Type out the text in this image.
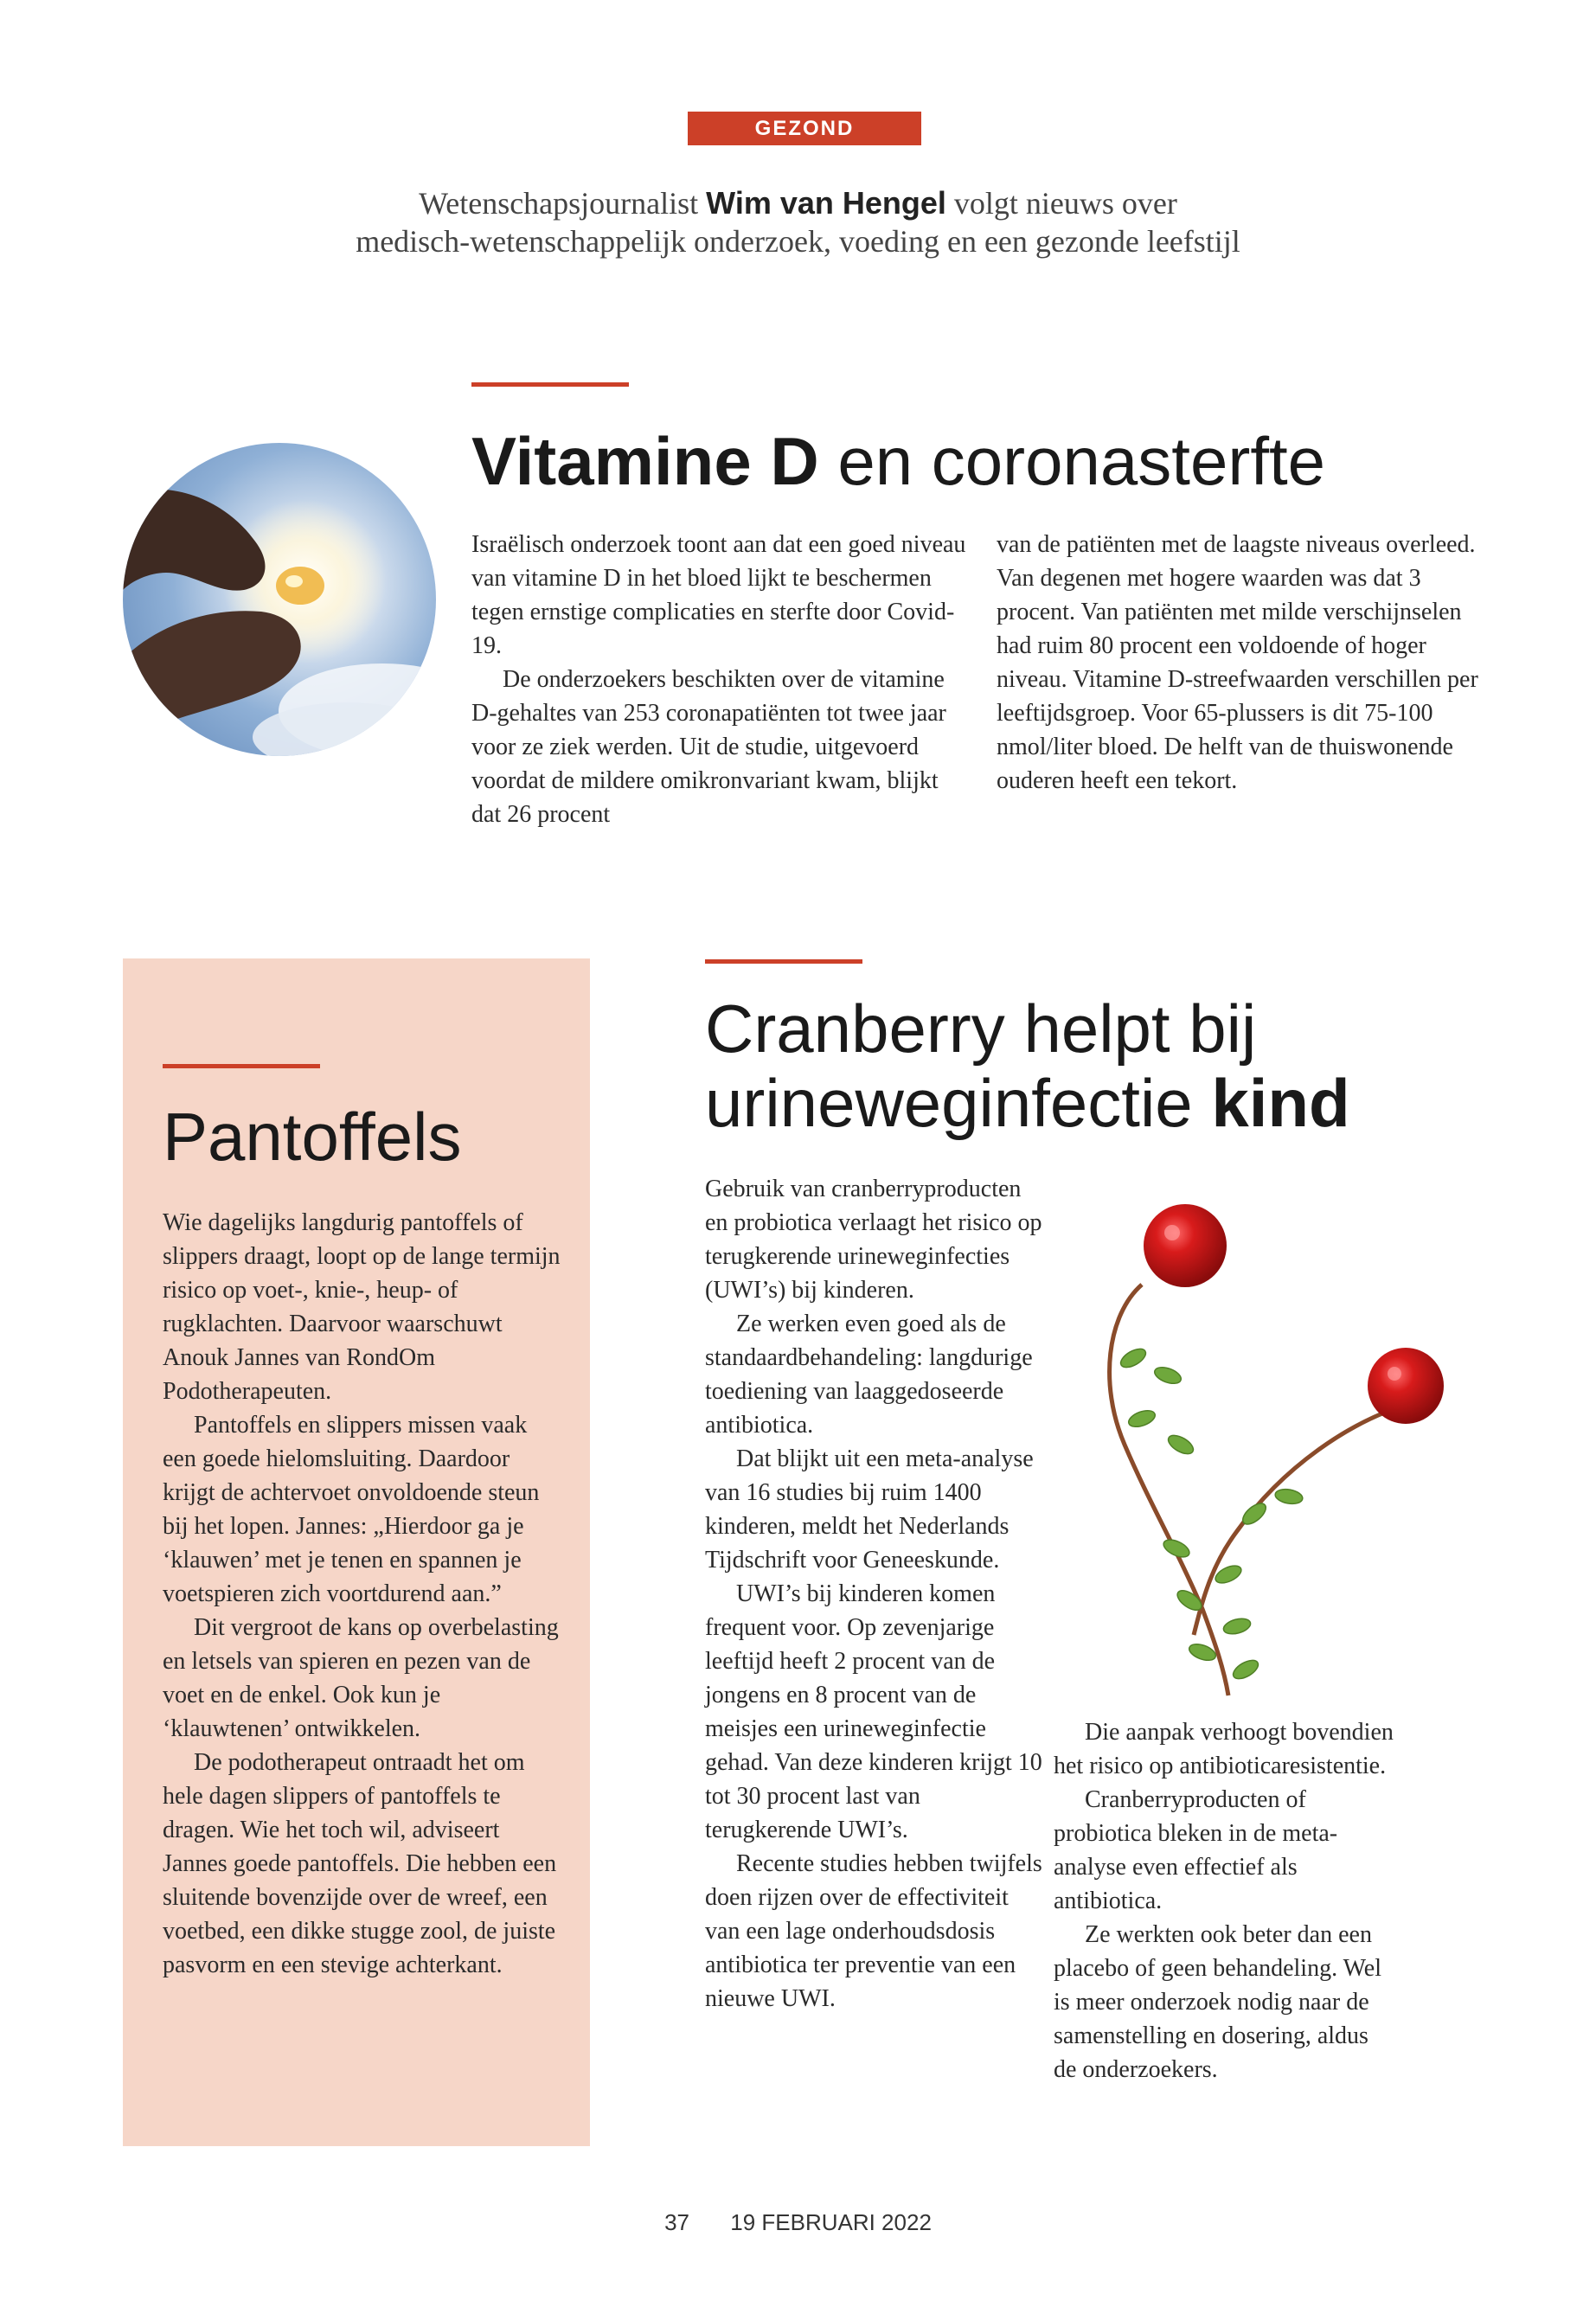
GEZOND
Wetenschapsjournalist Wim van Hengel volgt nieuws over
medisch-wetenschappelijk onderzoek, voeding en een gezonde leefstijl
Vitamine D en coronasterfte

Israëlisch onderzoek toont aan dat een goed niveau van vitamine D in het bloed lijkt te beschermen tegen ernstige complicaties en sterfte door Covid-19.

De onderzoekers beschikten over de vitamine D-gehaltes van 253 coronapatiënten tot twee jaar voor ze ziek werden. Uit de studie, uitgevoerd voordat de mildere omikronvariant kwam, blijkt dat 26 procent

van de patiënten met de laagste niveaus overleed. Van degenen met hogere waarden was dat 3 procent. Van patiënten met milde verschijnselen had ruim 80 procent een voldoende of hoger niveau. Vitamine D-streefwaarden verschillen per leeftijdsgroep. Voor 65-plussers is dit 75-100 nmol/liter bloed. De helft van de thuiswonende ouderen heeft een tekort.

Pantoffels

Wie dagelijks langdurig pantoffels of slippers draagt, loopt op de lange termijn risico op voet-, knie-, heup- of rugklachten. Daarvoor waarschuwt Anouk Jannes van RondOm Podotherapeuten.

Pantoffels en slippers missen vaak een goede hielomsluiting. Daardoor krijgt de achtervoet onvoldoende steun bij het lopen. Jannes: „Hierdoor ga je ‘klauwen’ met je tenen en spannen je voetspieren zich voortdurend aan.”

Dit vergroot de kans op overbelasting en letsels van spieren en pezen van de voet en de enkel. Ook kun je ‘klauwtenen’ ontwikkelen.

De podotherapeut ontraadt het om hele dagen slippers of pantoffels te dragen. Wie het toch wil, adviseert Jannes goede pantoffels. Die hebben een sluitende bovenzijde over de wreef, een voetbed, een dikke stugge zool, de juiste pasvorm en een stevige achterkant.

Cranberry helpt bij
urineweginfectie kind

Gebruik van cranberryproducten en probiotica verlaagt het risico op terugkerende urineweginfecties (UWI’s) bij kinderen.

Ze werken even goed als de standaardbehandeling: langdurige toediening van laaggedoseerde antibiotica.

Dat blijkt uit een meta-analyse van 16 studies bij ruim 1400 kinderen, meldt het Nederlands Tijdschrift voor Geneeskunde.

UWI’s bij kinderen komen frequent voor. Op zevenjarige leeftijd heeft 2 procent van de jongens en 8 procent van de meisjes een urineweginfectie gehad. Van deze kinderen krijgt 10 tot 30 procent last van terugkerende UWI’s.

Recente studies hebben twijfels doen rijzen over de effectiviteit van een lage onderhoudsdosis antibiotica ter preventie van een nieuwe UWI.

Die aanpak verhoogt bovendien het risico op antibioticaresistentie.

Cranberryproducten of probiotica bleken in de meta-analyse even effectief als antibiotica.

Ze werkten ook beter dan een placebo of geen behandeling. Wel is meer onderzoek nodig naar de samenstelling en dosering, aldus de onderzoekers.

37 19 FEBRUARI 2022
